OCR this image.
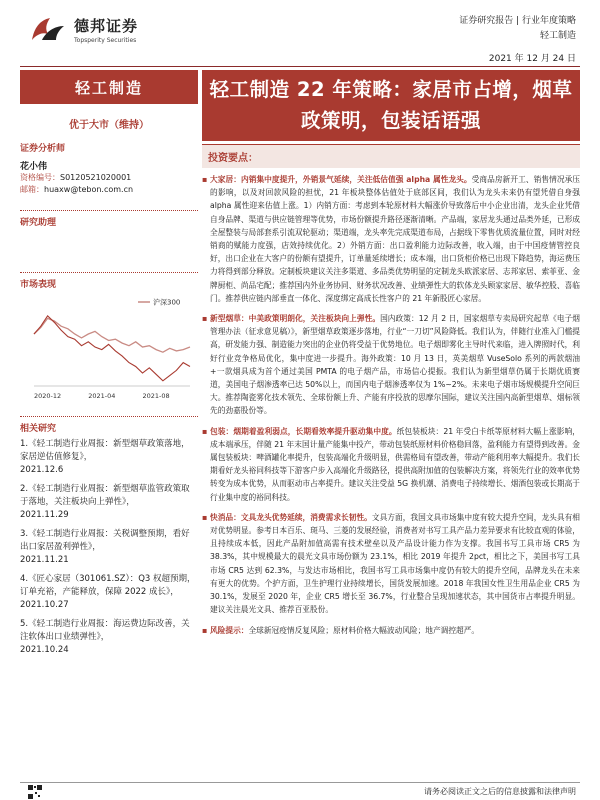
德邦证券
Topsperity Securities
证券研究报告 | 行业年度策略
轻工制造
2021 年 12 月 24 日
轻工制造
优于大市（维持）
证券分析师
花小伟
资格编号：S0120521020001
邮箱：huaxw@tebon.com.cn
研究助理
市场表现
沪深300
2020-12	2021-04	2021-08
相关研究
1.《轻工制造行业周报：新型烟草政策落地，家居逆估值修复》，
2021.12.6
2.《轻工制造行业周报：新型烟草监管政策取于落地，关注板块向上弹性》，
2021.11.29
3.《轻工制造行业周报：关税调整预期，看好出口家居盈利弹性》，
2021.11.21
4.《匠心家居（301061.SZ）：Q3 权超预期，订单充裕，产能释放，保障 2022 成长》，
2021.10.27
5.《轻工制造行业周报：海运费边际改善，关注软体出口业绩弹性》，
2021.10.24
轻工制造 22 年策略：家居市占增，烟草政策明，包装话语强
投资要点：
▪ 大家居：内销集中度提升，外销景气延续，关注低估值强 alpha 属性龙头。受商品房新开工、销售情况承压的影响，以及对回款风险的担忧，21 年板块整体估值处于底部区间，我们认为龙头未来仍有望凭借自身强 alpha 属性迎来估值上涨。1）内销方面：考虑到本轮原材料大幅涨价导致落后中小企业出清，龙头企业凭借自身品牌、渠道与供应链管理等优势，市场份额提升路径逐渐清晰。产品端，家居龙头通过品类外延，已形成全屋整装与局部套系引流双轮驱动；渠道端，龙头率先完成渠道布局，占据线下零售优质流量位置，同时对经销商的赋能力度强，店效持续优化。2）外销方面：出口盈利能力边际改善，收入端，由于中国疫情管控良好，出口企业在大客户的份额有望提升，订单量延续增长；成本端，出口货柜价格已出现下降趋势，海运费压力将得到部分释放。定制板块建议关注多渠道、多品类优势明显的定制龙头欧派家居、志邦家居、索菲亚、金牌厨柜、尚品宅配；推荐国内外业务协同、财务状况改善、业绩弹性大的软体龙头顾家家居、敏华控股、喜临门。推荐供应链内部垂直一体化、深度绑定高成长性客户的 21 年新股匠心家居。
▪ 新型烟草：中美政策明朗化，关注板块向上弹性。国内政策：12 月 2 日，国家烟草专卖局研究起草《电子烟管理办法（征求意见稿）》，新型烟草政策逐步落地，行业“一刀切”风险降低。我们认为，伴随行业准入门槛提高，研发能力强、制造能力突出的企业仍将受益于优势地位。电子烟即雾化主导时代来临，进入牌照时代，利好行业竞争格局优化，集中度进一步提升。海外政策：10 月 13 日，英美烟草 VuseSolo 系列的两款烟油+一款烟具成为首个通过美国 PMTA 的电子烟产品，市场信心提振。我们认为新型烟草仍属于长期优质赛道，美国电子烟渗透率已达 50%以上，而国内电子烟渗透率仅为 1%~2%。未来电子烟市场规模提升空间巨大。推荐陶瓷雾化技术领先、全球份额上升、产能有序投放的思摩尔国际，建议关注国内高新型烟草、烟标领先的劲嘉股份等。
▪ 包装：烟期着盈利弱点，长期看效率提升驱动集中度。纸包装板块：21 年受白卡纸等原材料大幅上涨影响，成本端承压，伴随 21 年末国计量产能集中投产，带动包装纸原材料价格稳回落，盈利能力有望得到改善。金属包装板块：啤酒罐化率提升，包装高端化升级明显，供需格局有望改善，带动产能利用率大幅提升。我们长期看好龙头裕同科技等下游客户步入高端化升级路径，提供高附加值的包装解决方案，将领先行业的效率优势转变为成本优势，从而驱动市占率提升。建议关注受益 5G 换机潮、消费电子持续增长、烟酒包装或长期高于行业集中度的裕同科技。
▪ 快消品：文具龙头优势延续，消费需求长韧性。文具方面，我国文具市场集中度有较大提升空间，龙头具有相对优势明显。参考日本百乐、斑马、三菱的发展经验，消费者对书写工具产品力差异要求有比较直观的体验，且持续成本低，因此产品附加值高需有技术壁垒以及产品设计能力作为支撑。我国书写工具市场 CR5 为 38.3%，其中规模最大的晨光文具市场份额为 23.1%，相比 2019 年提升 2pct，相比之下，美国书写工具市场 CR5 达到 62.3%，与发达市场相比，我国书写工具市场集中度仍有较大的提升空间，品牌龙头在未来有更大的优势。个护方面，卫生护理行业持续增长，国货发展加速。2018 年我国女性卫生用品企业 CR5 为 30.1%，发展至 2020 年，企业 CR5 增长至 36.7%，行业整合呈现加速状态，其中国货市占率提升明显。建议关注晨光文具、推荐百亚股份。
▪ 风险提示：全球新冠疫情反复风险；原材料价格大幅波动风险；地产调控超严。
请务必阅读正文之后的信息披露和法律声明
